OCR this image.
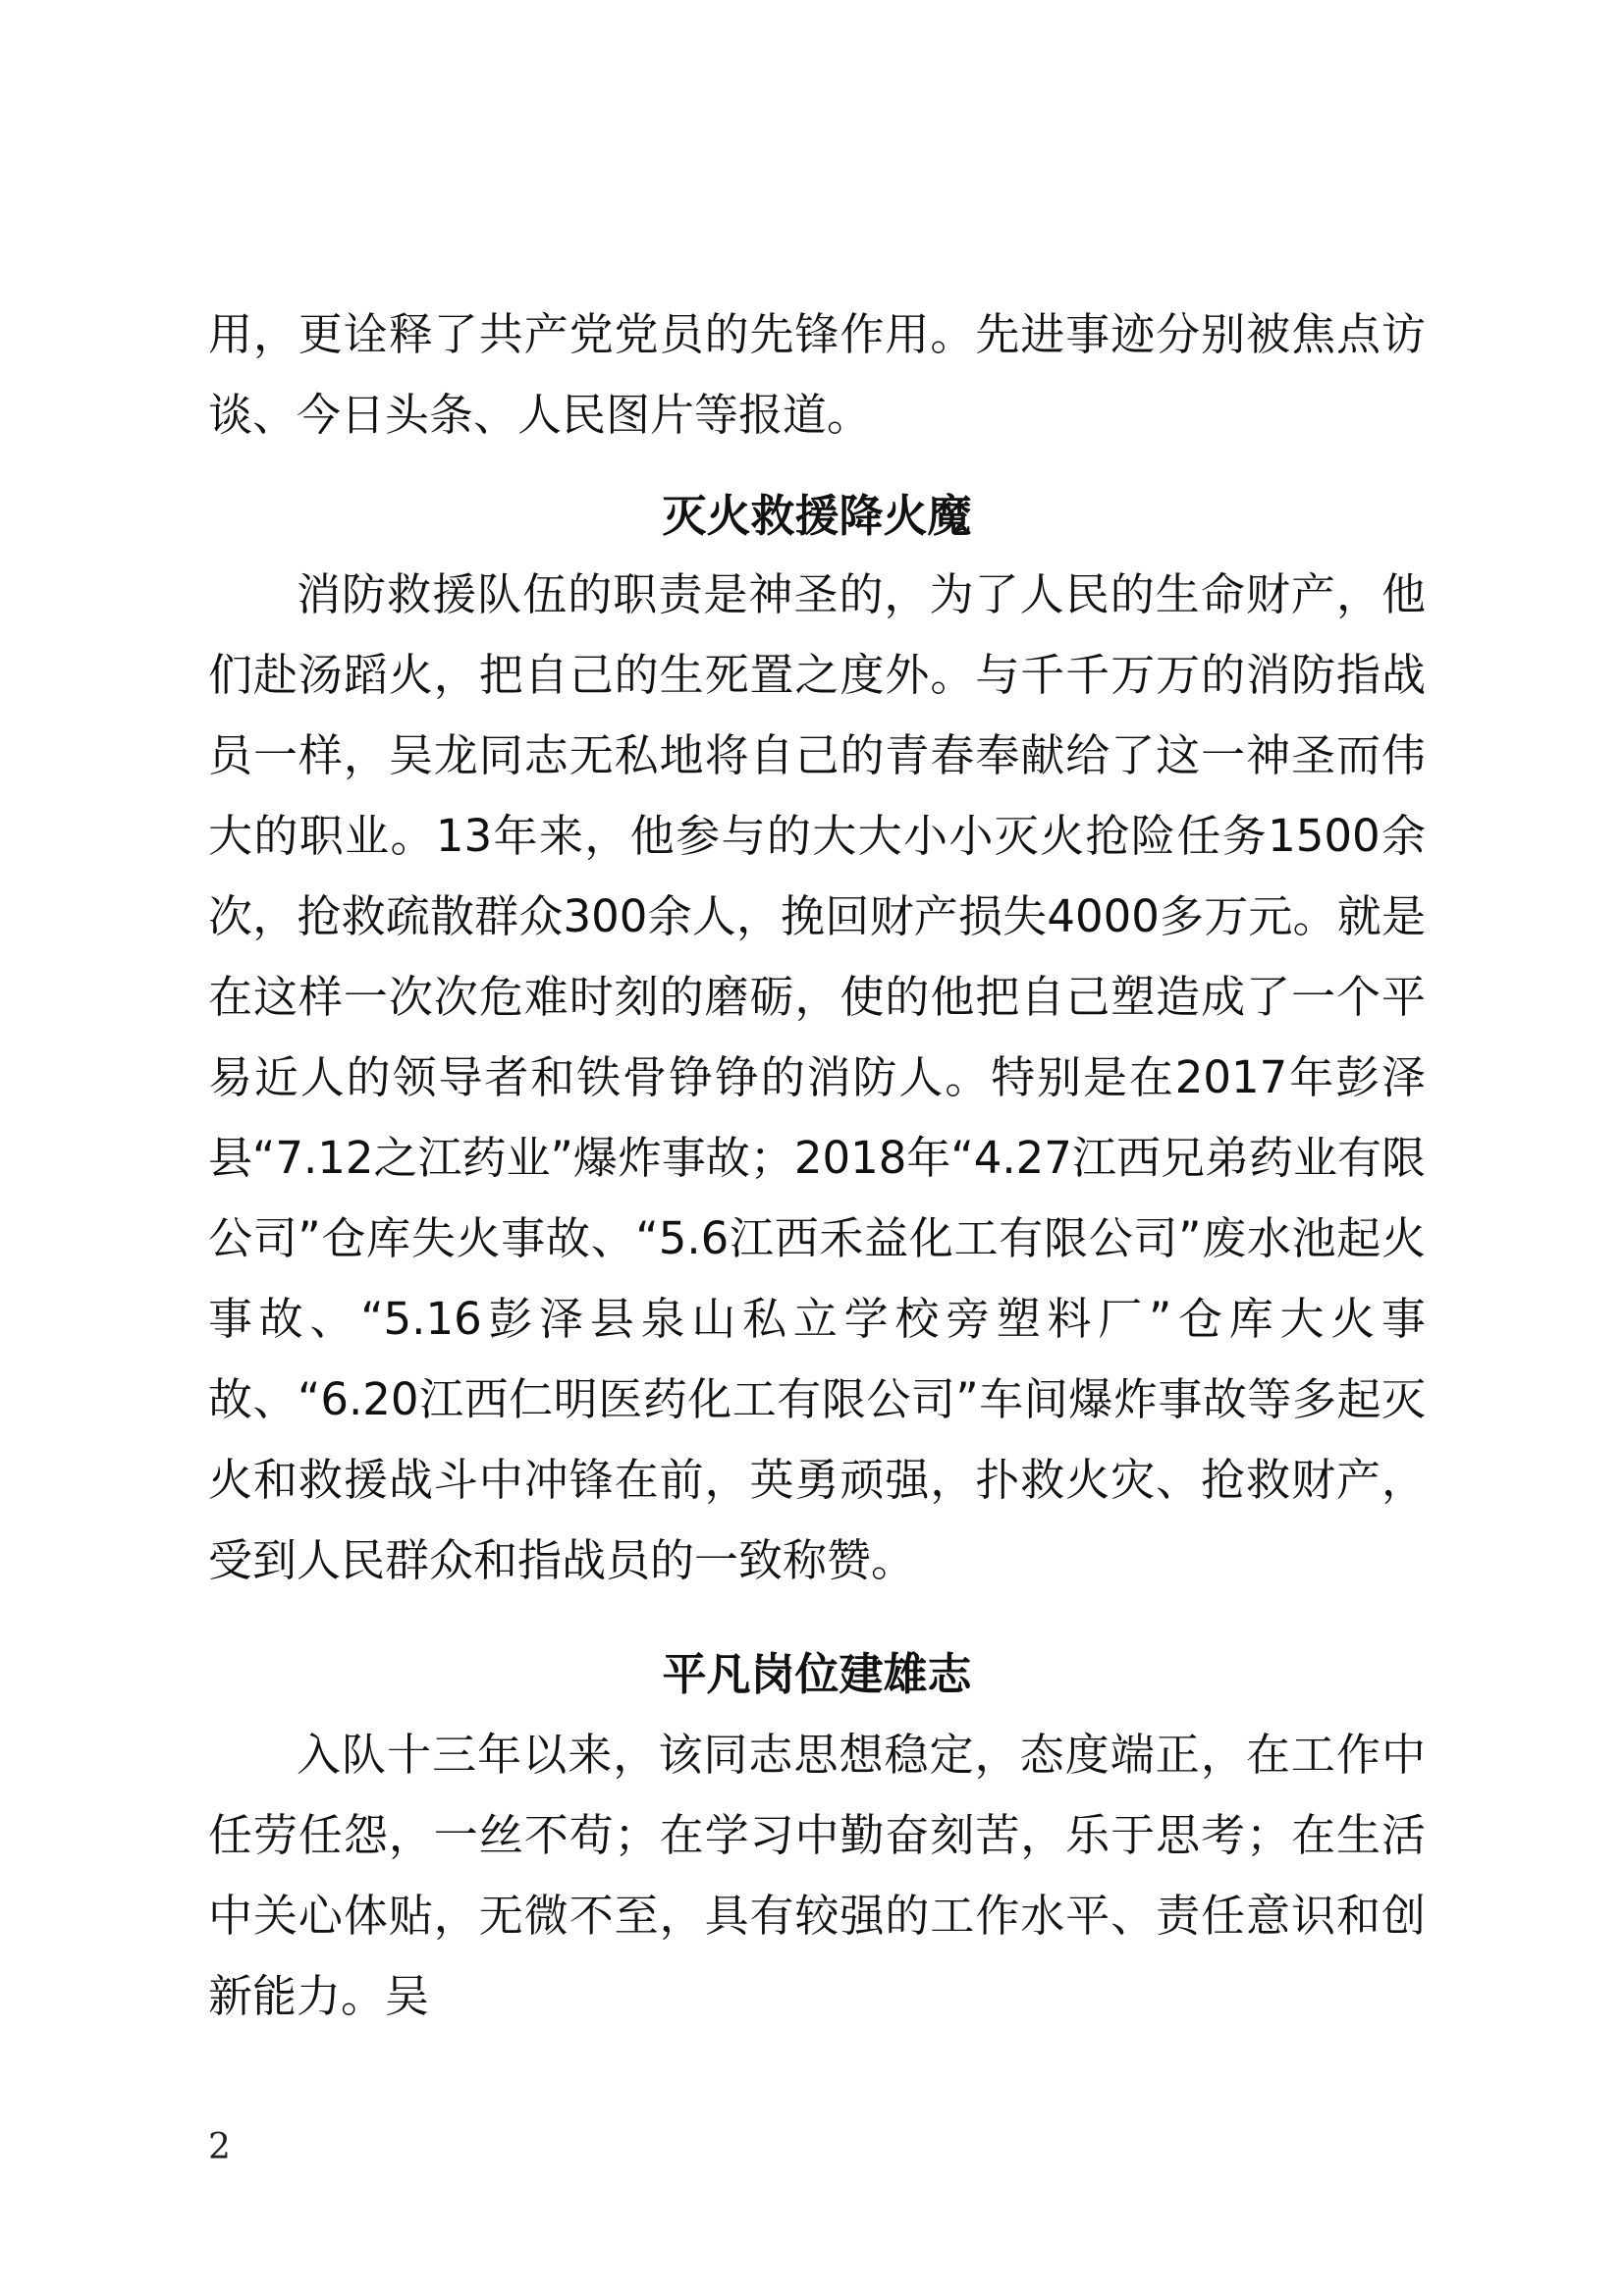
用，更诠释了共产党党员的先锋作用。先进事迹分别被焦点访谈、今日头条、人民图片等报道。

灭火救援降火魔

消防救援队伍的职责是神圣的，为了人民的生命财产，他们赴汤蹈火，把自己的生死置之度外。与千千万万的消防指战员一样，吴龙同志无私地将自己的青春奉献给了这一神圣而伟大的职业。13年来，他参与的大大小小灭火抢险任务1500余次，抢救疏散群众300余人，挽回财产损失4000多万元。就是在这样一次次危难时刻的磨砺，使的他把自己塑造成了一个平易近人的领导者和铁骨铮铮的消防人。特别是在2017年彭泽县“7.12之江药业”爆炸事故；2018年“4.27江西兄弟药业有限公司”仓库失火事故、“5.6江西禾益化工有限公司”废水池起火事故、“5.16彭泽县泉山私立学校旁塑料厂”仓库大火事故、“6.20江西仁明医药化工有限公司”车间爆炸事故等多起灭火和救援战斗中冲锋在前，英勇顽强，扑救火灾、抢救财产，受到人民群众和指战员的一致称赞。

平凡岗位建雄志

入队十三年以来，该同志思想稳定，态度端正，在工作中任劳任怨，一丝不苟；在学习中勤奋刻苦，乐于思考；在生活中关心体贴，无微不至，具有较强的工作水平、责任意识和创新能力。吴

2
